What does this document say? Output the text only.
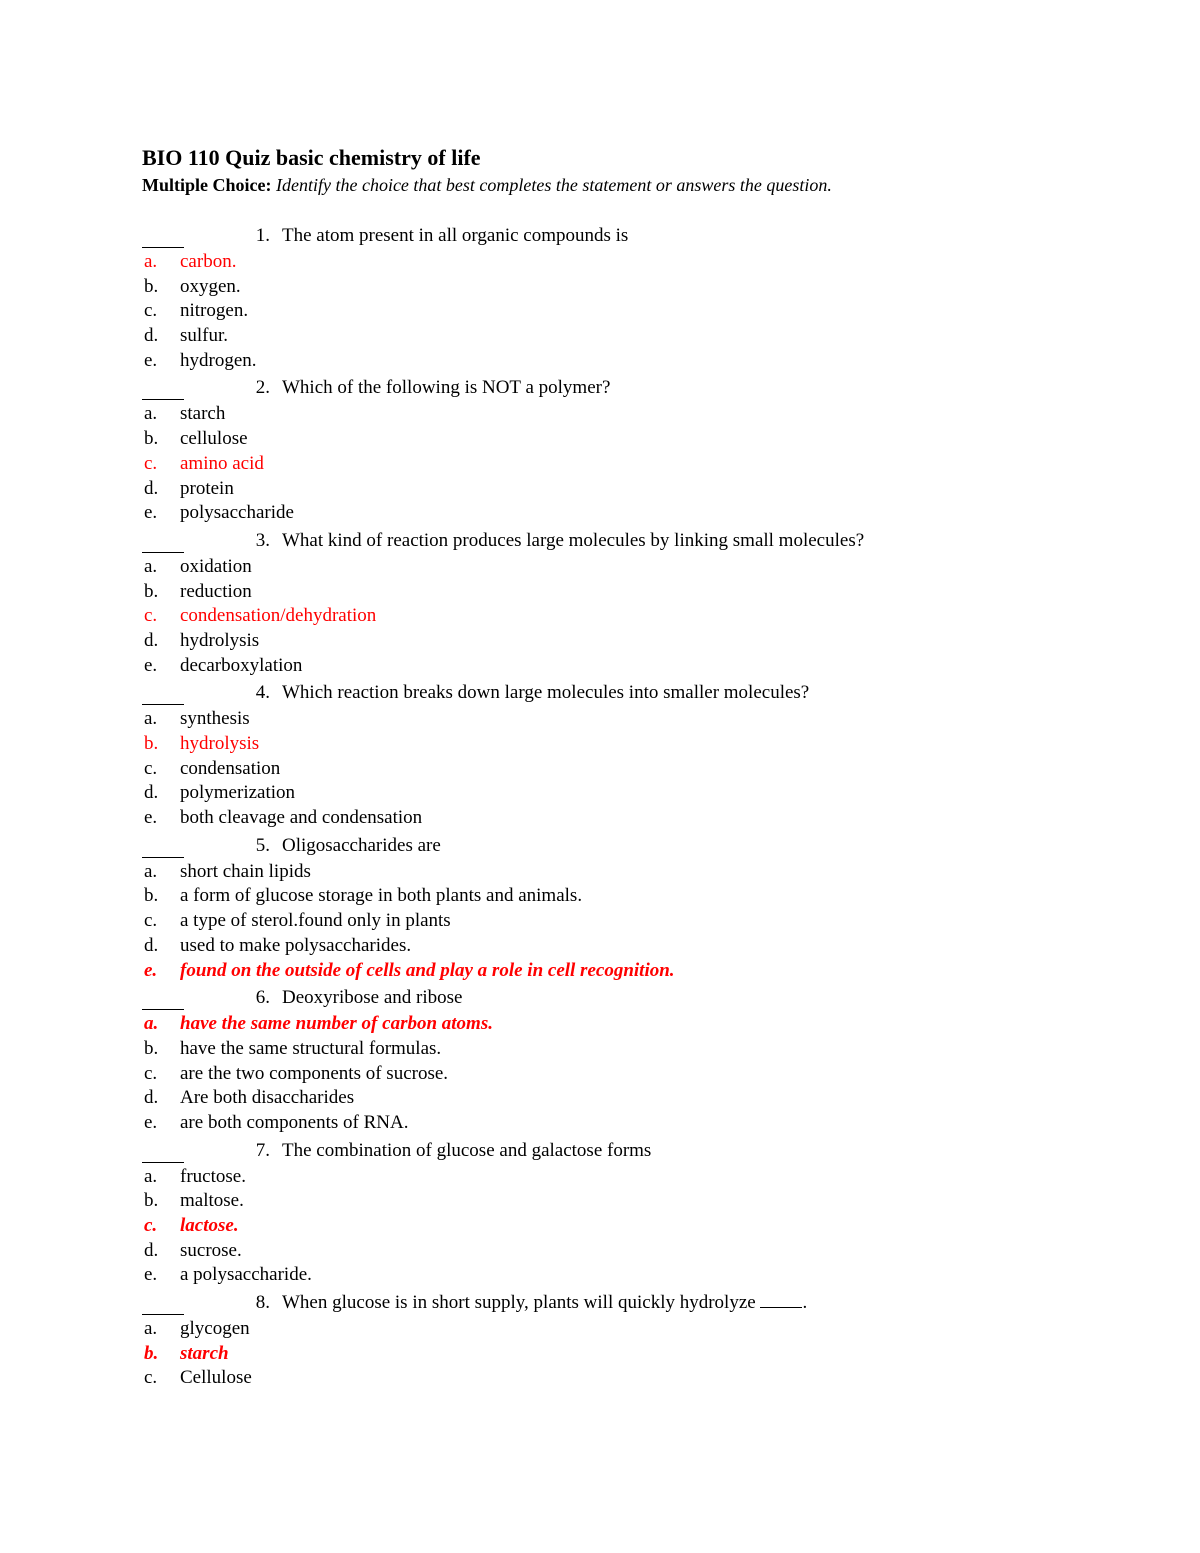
BIO 110 Quiz basic chemistry of life
Multiple Choice: Identify the choice that best completes the statement or answers the question.
1. The atom present in all organic compounds is
a. carbon.
b. oxygen.
c. nitrogen.
d. sulfur.
e. hydrogen.
2. Which of the following is NOT a polymer?
a. starch
b. cellulose
c. amino acid
d. protein
e. polysaccharide
3. What kind of reaction produces large molecules by linking small molecules?
a. oxidation
b. reduction
c. condensation/dehydration
d. hydrolysis
e. decarboxylation
4. Which reaction breaks down large molecules into smaller molecules?
a. synthesis
b. hydrolysis
c. condensation
d. polymerization
e. both cleavage and condensation
5. Oligosaccharides are
a. short chain lipids
b. a form of glucose storage in both plants and animals.
c. a type of sterol.found only in plants
d. used to make polysaccharides.
e. found on the outside of cells and play a role in cell recognition.
6. Deoxyribose and ribose
a. have the same number of carbon atoms.
b. have the same structural formulas.
c. are the two components of sucrose.
d. Are both disaccharides
e. are both components of RNA.
7. The combination of glucose and galactose forms
a. fructose.
b. maltose.
c. lactose.
d. sucrose.
e. a polysaccharide.
8. When glucose is in short supply, plants will quickly hydrolyze .
a. glycogen
b. starch
c. Cellulose
